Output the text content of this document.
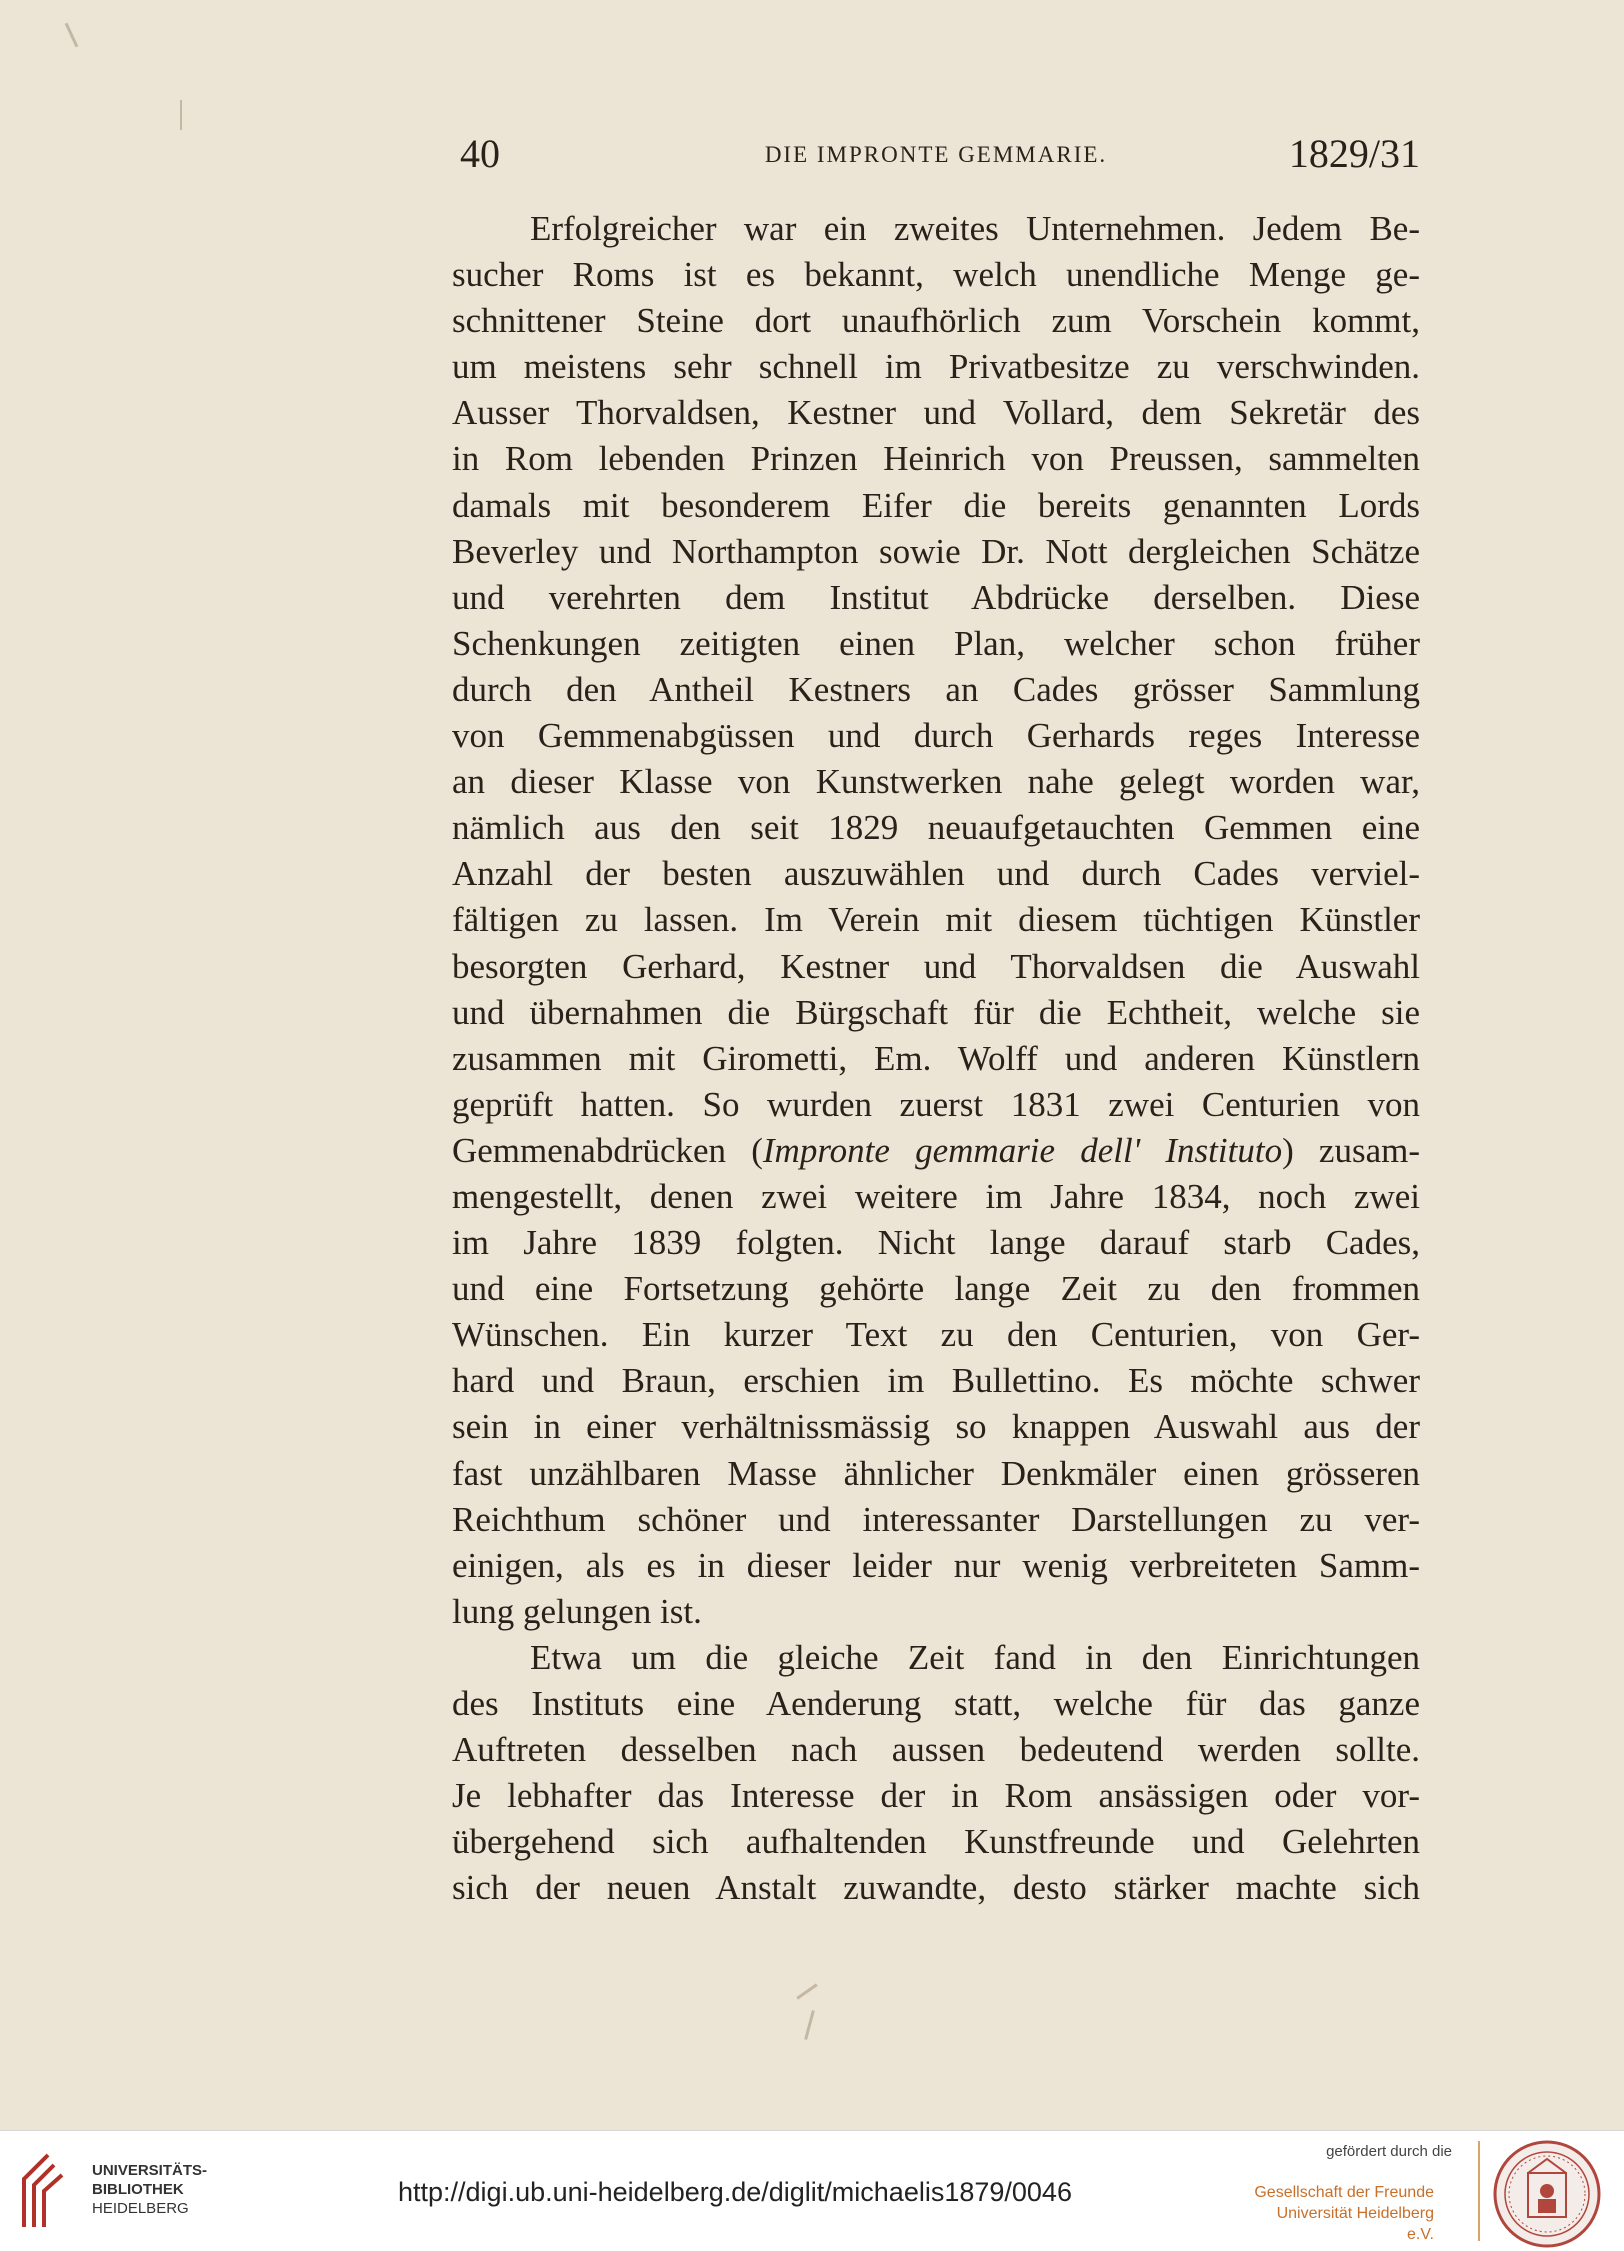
40	DIE IMPRONTE GEMMARIE.	1829/31
Erfolgreicher war ein zweites Unternehmen. Jedem Be-
sucher Roms ist es bekannt, welch unendliche Menge ge-
schnittener Steine dort unaufhörlich zum Vorschein kommt,
um meistens sehr schnell im Privatbesitze zu verschwinden.
Ausser Thorvaldsen, Kestner und Vollard, dem Sekretär des
in Rom lebenden Prinzen Heinrich von Preussen, sammelten
damals mit besonderem Eifer die bereits genannten Lords
Beverley und Northampton sowie Dr. Nott dergleichen Schätze
und verehrten dem Institut Abdrücke derselben. Diese
Schenkungen zeitigten einen Plan, welcher schon früher
durch den Antheil Kestners an Cades grösser Sammlung
von Gemmenabgüssen und durch Gerhards reges Interesse
an dieser Klasse von Kunstwerken nahe gelegt worden war,
nämlich aus den seit 1829 neuaufgetauchten Gemmen eine
Anzahl der besten auszuwählen und durch Cades verviel-
fältigen zu lassen. Im Verein mit diesem tüchtigen Künstler
besorgten Gerhard, Kestner und Thorvaldsen die Auswahl
und übernahmen die Bürgschaft für die Echtheit, welche sie
zusammen mit Girometti, Em. Wolff und anderen Künstlern
geprüft hatten. So wurden zuerst 1831 zwei Centurien von
Gemmenabdrücken (Impronte gemmarie dell' Instituto) zusam-
mengestellt, denen zwei weitere im Jahre 1834, noch zwei
im Jahre 1839 folgten. Nicht lange darauf starb Cades,
und eine Fortsetzung gehörte lange Zeit zu den frommen
Wünschen. Ein kurzer Text zu den Centurien, von Ger-
hard und Braun, erschien im Bullettino. Es möchte schwer
sein in einer verhältnissmässig so knappen Auswahl aus der
fast unzählbaren Masse ähnlicher Denkmäler einen grösseren
Reichthum schöner und interessanter Darstellungen zu ver-
einigen, als es in dieser leider nur wenig verbreiteten Samm-
lung gelungen ist.
Etwa um die gleiche Zeit fand in den Einrichtungen
des Instituts eine Aenderung statt, welche für das ganze
Auftreten desselben nach aussen bedeutend werden sollte.
Je lebhafter das Interesse der in Rom ansässigen oder vor-
übergehend sich aufhaltenden Kunstfreunde und Gelehrten
sich der neuen Anstalt zuwandte, desto stärker machte sich
UNIVERSITÄTS-
BIBLIOTHEK
HEIDELBERG
http://digi.ub.uni-heidelberg.de/diglit/michaelis1879/0046
gefördert durch die
Gesellschaft der Freunde
Universität Heidelberg e.V.
